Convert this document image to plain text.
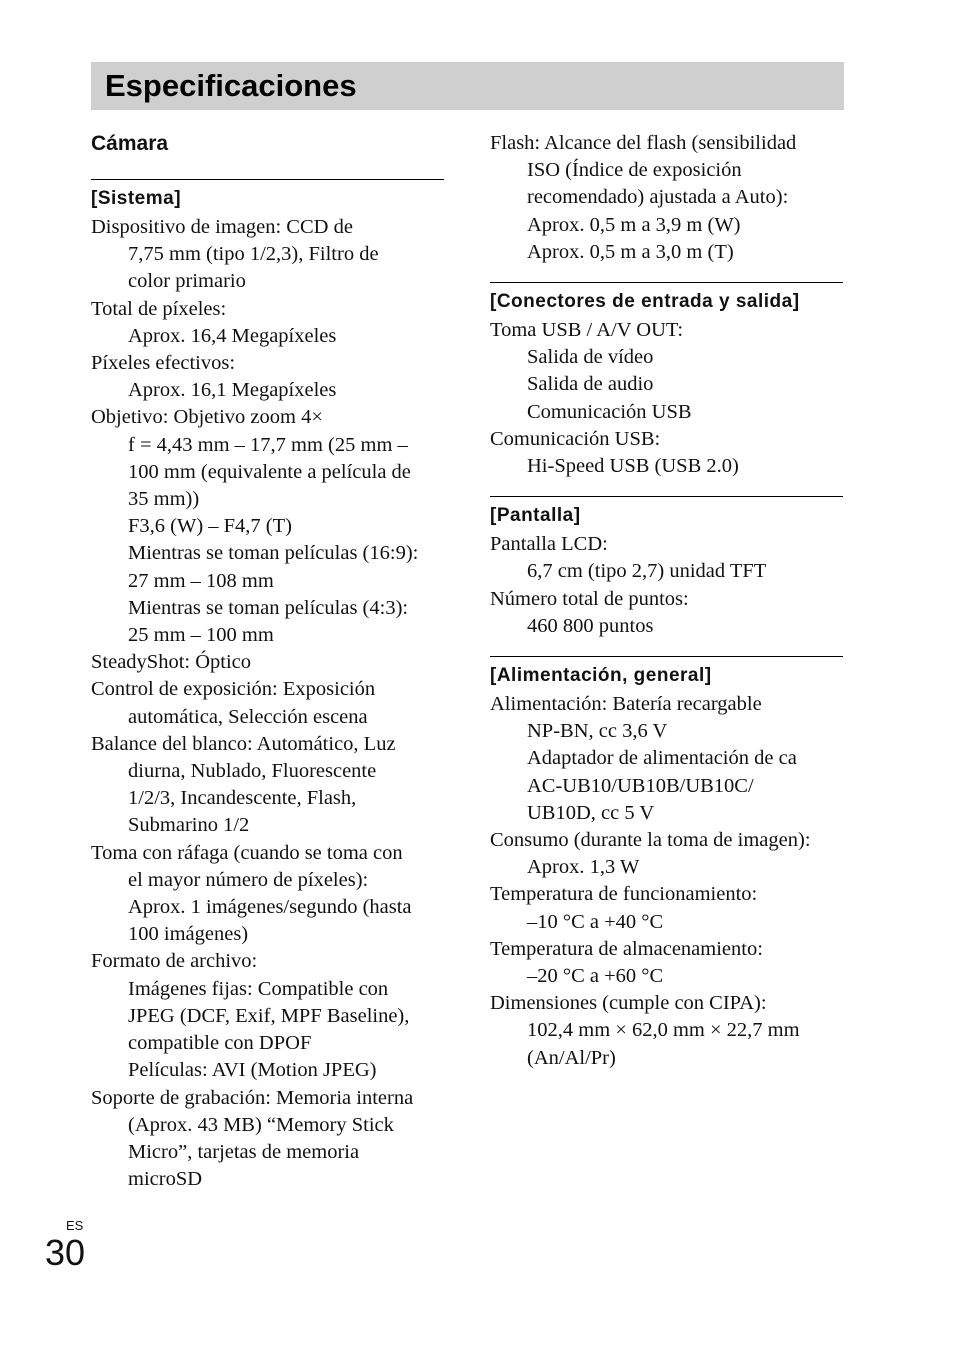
Especificaciones
Cámara
[Sistema]
Dispositivo de imagen: CCD de
7,75 mm (tipo 1/2,3), Filtro de
color primario
Total de píxeles:
Aprox. 16,4 Megapíxeles
Píxeles efectivos:
Aprox. 16,1 Megapíxeles
Objetivo: Objetivo zoom 4×
f = 4,43 mm – 17,7 mm (25 mm –
100 mm (equivalente a película de
35 mm))
F3,6 (W) – F4,7 (T)
Mientras se toman películas (16:9):
27 mm – 108 mm
Mientras se toman películas (4:3):
25 mm – 100 mm
SteadyShot: Óptico
Control de exposición: Exposición
automática, Selección escena
Balance del blanco: Automático, Luz
diurna, Nublado, Fluorescente
1/2/3, Incandescente, Flash,
Submarino 1/2
Toma con ráfaga (cuando se toma con
el mayor número de píxeles):
Aprox. 1 imágenes/segundo (hasta
100 imágenes)
Formato de archivo:
Imágenes fijas: Compatible con
JPEG (DCF, Exif, MPF Baseline),
compatible con DPOF
Películas: AVI (Motion JPEG)
Soporte de grabación: Memoria interna
(Aprox. 43 MB) “Memory Stick
Micro”, tarjetas de memoria
microSD
Flash: Alcance del flash (sensibilidad
ISO (Índice de exposición
recomendado) ajustada a Auto):
Aprox. 0,5 m a 3,9 m (W)
Aprox. 0,5 m a 3,0 m (T)
[Conectores de entrada y salida]
Toma USB / A/V OUT:
Salida de vídeo
Salida de audio
Comunicación USB
Comunicación USB:
Hi-Speed USB (USB 2.0)
[Pantalla]
Pantalla LCD:
6,7 cm (tipo 2,7) unidad TFT
Número total de puntos:
460 800 puntos
[Alimentación, general]
Alimentación: Batería recargable
NP-BN, cc 3,6 V
Adaptador de alimentación de ca
AC-UB10/UB10B/UB10C/
UB10D, cc 5 V
Consumo (durante la toma de imagen):
Aprox. 1,3 W
Temperatura de funcionamiento:
–10 °C a +40 °C
Temperatura de almacenamiento:
–20 °C a +60 °C
Dimensiones (cumple con CIPA):
102,4 mm × 62,0 mm × 22,7 mm
(An/Al/Pr)
ES
30
